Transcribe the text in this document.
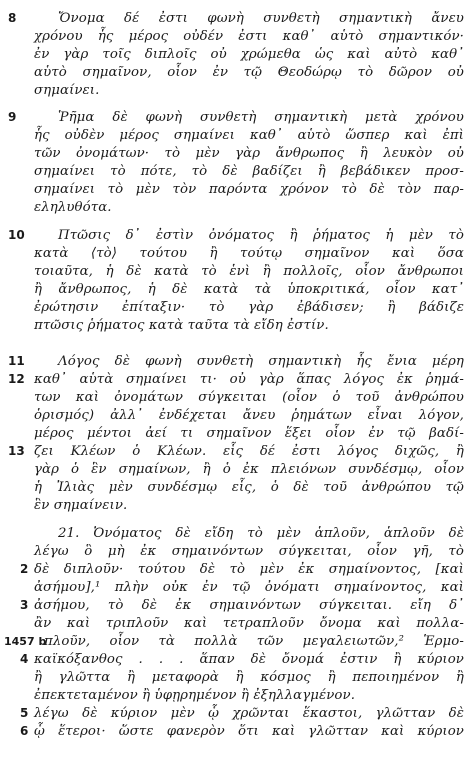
8	Ὄνομα δέ ἐστι φωνὴ συνθετὴ σημαντικὴ ἄνευ
χρόνου ἧς μέρος οὐδέν ἐστι καθ᾽ αὑτὸ σημαντικόν·
ἐν γὰρ τοῖς διπλοῖς οὐ χρώμεθα ὡς καὶ αὐτὸ καθ᾽
αὑτὸ σημαῖνον, οἷον ἐν τῷ Θεοδώρῳ τὸ δῶρον οὐ
σημαίνει.
9	Ῥῆμα δὲ φωνὴ συνθετὴ σημαντικὴ μετὰ χρόνου
ἧς οὐδὲν μέρος σημαίνει καθ᾽ αὑτὸ ὥσπερ καὶ ἐπὶ
τῶν ὀνομάτων· τὸ μὲν γὰρ ἄνθρωπος ἢ λευκὸν οὐ
σημαίνει τὸ πότε, τὸ δὲ βαδίζει ἢ βεβάδικεν προσ-
σημαίνει τὸ μὲν τὸν παρόντα χρόνον τὸ δὲ τὸν παρ-
εληλυθότα.
10	Πτῶσις δ᾽ ἐστὶν ὀνόματος ἢ ῥήματος ἡ μὲν τὸ
κατὰ ⟨τὸ⟩ τούτου ἢ τούτῳ σημαῖνον καὶ ὅσα
τοιαῦτα, ἡ δὲ κατὰ τὸ ἑνὶ ἢ πολλοῖς, οἷον ἄνθρωποι
ἢ ἄνθρωπος, ἡ δὲ κατὰ τὰ ὑποκριτικά, οἷον κατ᾽
ἐρώτησιν ἐπίταξιν· τὸ γὰρ ἐβάδισεν; ἢ βάδιζε
πτῶσις ῥήματος κατὰ ταῦτα τὰ εἴδη ἐστίν.
11	Λόγος δὲ φωνὴ συνθετὴ σημαντικὴ ἧς ἔνια μέρη
12 καθ᾽ αὑτὰ σημαίνει τι· οὐ γὰρ ἅπας λόγος ἐκ ῥημά-
των καὶ ὀνομάτων σύγκειται (οἷον ὁ τοῦ ἀνθρώπου
ὁρισμός) ἀλλ᾽ ἐνδέχεται ἄνευ ῥημάτων εἶναι λόγον,
μέρος μέντοι ἀεί τι σημαῖνον ἕξει οἷον ἐν τῷ βαδί-
13 ζει Κλέων ὁ Κλέων. εἷς δέ ἐστι λόγος διχῶς, ἢ
γὰρ ὁ ἓν σημαίνων, ἢ ὁ ἐκ πλειόνων συνδέσμῳ, οἷον
ἡ Ἰλιὰς μὲν συνδέσμῳ εἷς, ὁ δὲ τοῦ ἀνθρώπου τῷ
ἓν σημαίνειν.
21. Ὀνόματος δὲ εἴδη τὸ μὲν ἁπλοῦν, ἁπλοῦν δὲ
λέγω ὃ μὴ ἐκ σημαινόντων σύγκειται, οἷον γῆ, τὸ
2 δὲ διπλοῦν· τούτου δὲ τὸ μὲν ἐκ σημαίνοντος, [καὶ
ἀσήμου],¹ πλὴν οὐκ ἐν τῷ ὀνόματι σημαίνοντος, καὶ
3 ἀσήμου, τὸ δὲ ἐκ σημαινόντων σύγκειται. εἴη δ᾽
ἂν καὶ τριπλοῦν καὶ τετραπλοῦν ὄνομα καὶ πολλα-
1457 b
πλοῦν, οἷον τὰ πολλὰ τῶν μεγαλειωτῶν,² Ἑρμο-
4 καϊκόξανθος . . . ἅπαν δὲ ὄνομά ἐστιν ἢ κύριον
ἢ γλῶττα ἢ μεταφορὰ ἢ κόσμος ἢ πεποιημένον ἢ
ἐπεκτεταμένον ἢ ὑφῃρημένον ἢ ἐξηλλαγμένον.
5 λέγω δὲ κύριον μὲν ᾧ χρῶνται ἕκαστοι, γλῶτταν δὲ
6 ᾧ ἕτεροι· ὥστε φανερὸν ὅτι καὶ γλῶτταν καὶ κύριον
